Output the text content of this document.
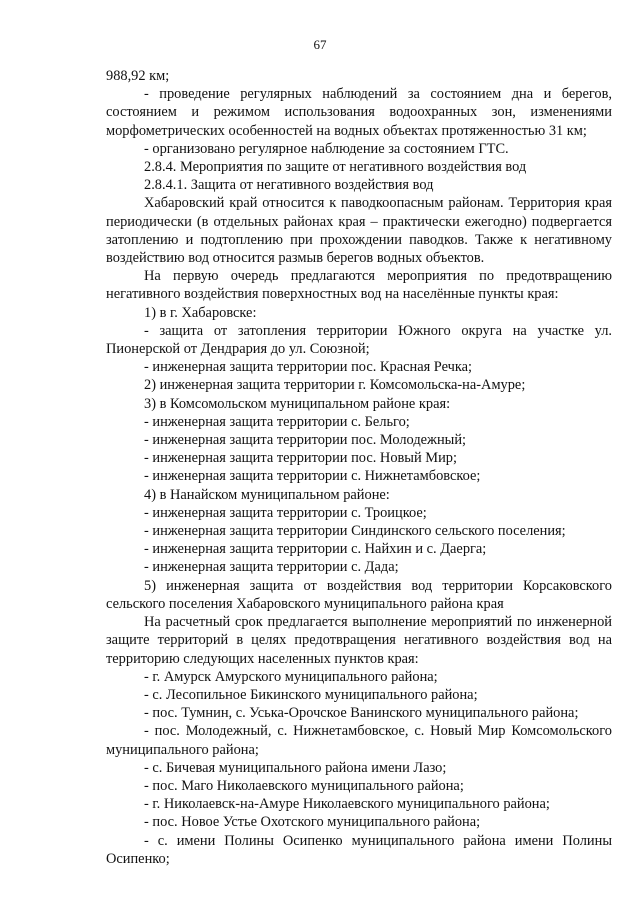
67

988,92 км;

- проведение регулярных наблюдений за состоянием дна и берегов, состоянием и режимом использования водоохранных зон, изменениями морфометрических особенностей на водных объектах протяженностью 31 км;

- организовано регулярное наблюдение за состоянием ГТС.

2.8.4. Мероприятия по защите от негативного воздействия вод

2.8.4.1. Защита от негативного воздействия вод

Хабаровский край относится к паводкоопасным районам. Территория края периодически (в отдельных районах края – практически ежегодно) подвергается затоплению и подтоплению при прохождении паводков. Также к негативному воздействию вод относится размыв берегов водных объектов.

На первую очередь предлагаются мероприятия по предотвращению негативного воздействия поверхностных вод на населённые пункты края:

1) в г. Хабаровске:

- защита от затопления территории Южного округа на участке ул. Пионерской от Дендрария до ул. Союзной;

- инженерная защита территории пос. Красная Речка;

2) инженерная защита территории г. Комсомольска-на-Амуре;

3) в Комсомольском муниципальном районе края:

- инженерная защита территории с. Бельго;

- инженерная защита территории пос. Молодежный;

- инженерная защита территории пос. Новый Мир;

- инженерная защита территории с. Нижнетамбовское;

4) в Нанайском муниципальном районе:

- инженерная защита территории с. Троицкое;

- инженерная защита территории Синдинского сельского поселения;

- инженерная защита территории с. Найхин и с. Даерга;

- инженерная защита территории с. Дада;

5) инженерная защита от воздействия вод территории Корсаковского сельского поселения Хабаровского муниципального района края

На расчетный срок предлагается выполнение мероприятий по инженерной защите территорий в целях предотвращения негативного воздействия вод на территорию следующих населенных пунктов края:

- г. Амурск Амурского муниципального района;

- с. Лесопильное Бикинского муниципального района;

- пос. Тумнин, с. Уська-Орочское Ванинского муниципального района;

- пос. Молодежный, с. Нижнетамбовское, с. Новый Мир Комсомольского муниципального района;

- с. Бичевая муниципального района имени Лазо;

- пос. Маго Николаевского муниципального района;

- г. Николаевск-на-Амуре Николаевского муниципального района;

- пос. Новое Устье Охотского муниципального района;

- с. имени Полины Осипенко муниципального района имени Полины Осипенко;
